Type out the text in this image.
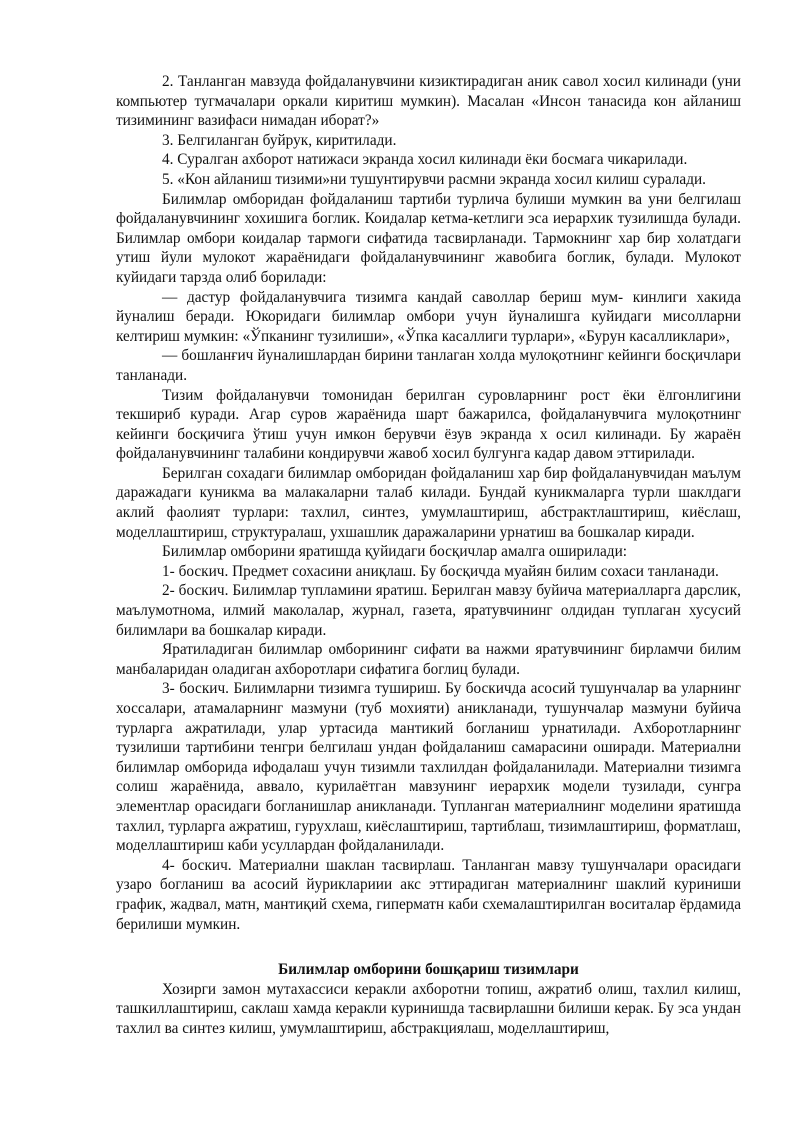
2. Танланган мавзуда фойдаланувчини кизиктирадиган аник савол хосил килинади (уни компьютер тугмачалари оркали киритиш мумкин). Масалан «Инсон танасида кон айланиш тизимининг вазифаси нимадан иборат?»

3. Белгиланган буйрук, киритилади.

4. Суралган ахборот натижаси экранда хосил килинади ёки босмага чикарилади.

5. «Кон айланиш тизими»ни тушунтирувчи расмни экранда хосил килиш суралади.

Билимлар омборидан фойдаланиш тартиби турлича булиши мумкин ва уни белгилаш фойдаланувчининг хохишига боглик. Коидалар кетма-кетлиги эса иерархик тузилишда булади. Билимлар омбори коидалар тармоги сифатида тасвирланади. Тармокнинг хар бир холатдаги утиш йули мулокот жараёнидаги фойдаланувчининг жавобига боглик, булади. Мулокот куйидаги тарзда олиб борилади:

— дастур фойдаланувчига тизимга кандай саволлар бериш мум- кинлиги хакида йуналиш беради. Юкоридаги билимлар омбори учун йуналишга куйидаги мисолларни келтириш мумкин: «Ўпканинг тузилиши», «Ўпка касаллиги турлари», «Бурун касалликлари»,

— бошланғич йуналишлардан бирини танлаган холда мулоқотнинг кейинги босқичлари танланади.

Тизим фойдаланувчи томонидан берилган суровларнинг рост ёки ёлгонлигини текшириб куради. Агар суров жараёнида шарт бажарилса, фойдаланувчига мулоқотнинг кейинги босқичига ўтиш учун имкон берувчи ёзув экранда х осил килинади. Бу жараён фойдаланувчининг талабини кондирувчи жавоб хосил булгунга кадар давом эттирилади.

Берилган сохадаги билимлар омборидан фойдаланиш хар бир фойдаланувчидан маълум даражадаги куникма ва малакаларни талаб килади. Бундай куникмаларга турли шаклдаги аклий фаолият турлари: тахлил, синтез, умумлаштириш, абстрактлаштириш, киёслаш, моделлаштириш, структуралаш, ухшашлик даражаларини урнатиш ва бошкалар киради.

Билимлар омборини яратишда қуйидаги босқичлар амалга оширилади:

1- боскич. Предмет сохасини аниқлаш. Бу босқичда муайян билим сохаси танланади.

2- боскич. Билимлар тупламини яратиш. Берилган мавзу буйича материалларга дарслик, маълумотнома, илмий маколалар, журнал, газета, яратувчининг олдидан туплаган хусусий билимлари ва бошкалар киради.

Яратиладиган билимлар омборининг сифати ва нажми яратувчининг бирламчи билим манбаларидан оладиган ахборотлари сифатига боглиц булади.

3- боскич. Билимларни тизимга тушириш. Бу боскичда асосий тушунчалар ва уларнинг хоссалари, атамаларнинг мазмуни (туб мохияти) аникланади, тушунчалар мазмуни буйича турларга ажратилади, улар уртасида мантикий богланиш урнатилади. Ахборотларнинг тузилиши тартибини тенгри белгилаш ундан фойдаланиш самарасини оширади. Материални билимлар омборида ифодалаш учун тизимли тахлилдан фойдаланилади. Материални тизимга солиш жараёнида, аввало, курилаётган мавзунинг иерархик модели тузилади, сунгра элементлар орасидаги богланишлар аникланади. Тупланган материалнинг моделини яратишда тахлил, турларга ажратиш, гурухлаш, киёслаштириш, тартиблаш, тизимлаштириш, форматлаш, моделлаштириш каби усуллардан фойдаланилади.

4- боскич. Материални шаклан тасвирлаш. Танланган мавзу тушунчалари орасидаги узаро богланиш ва асосий йуриклариии акс эттирадиган материалнинг шаклий куриниши график, жадвал, матн, мантиқий схема, гиперматн каби схемалаштирилган воситалар ёрдамида берилиши мумкин.

Билимлар омборини бошқариш тизимлари

Хозирги замон мутахассиси керакли ахборотни топиш, ажратиб олиш, тахлил килиш, ташкиллаштириш, саклаш хамда керакли куринишда тасвирлашни билиши керак. Бу эса ундан тахлил ва синтез килиш, умумлаштириш, абстракциялаш, моделлаштириш,
